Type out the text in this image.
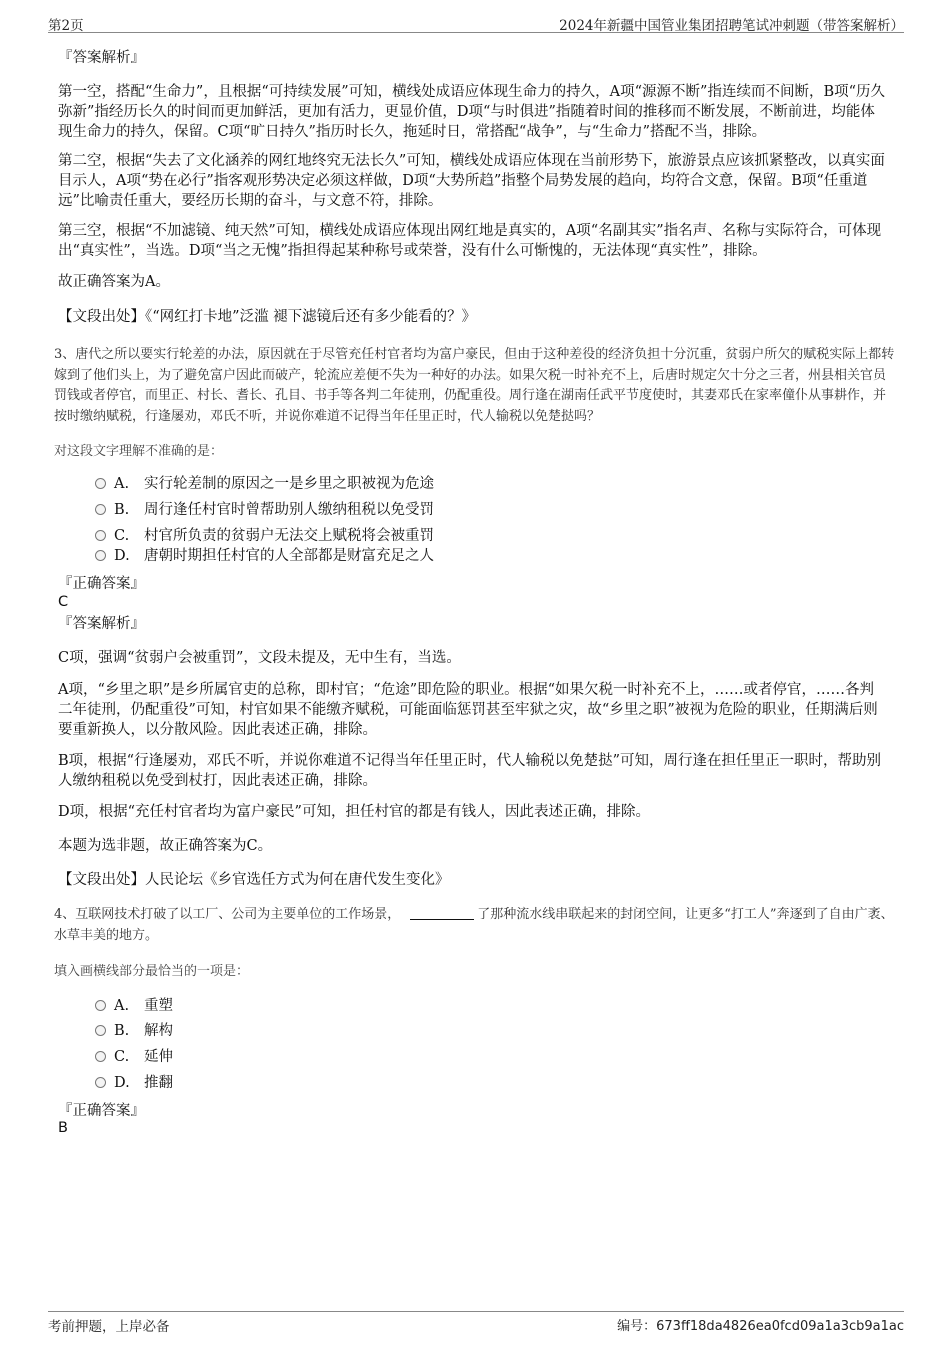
第2页	2024年新疆中国管业集团招聘笔试冲刺题（带答案解析）

『答案解析』

第一空，搭配“生命力”，且根据“可持续发展”可知，横线处成语应体现生命力的持久，A项“源源不断”指连续而不间断，B项“历久弥新”指经历长久的时间而更加鲜活，更加有活力，更显价值，D项“与时俱进”指随着时间的推移而不断发展，不断前进，均能体现生命力的持久，保留。C项“旷日持久”指历时长久，拖延时日，常搭配“战争”，与“生命力”搭配不当，排除。

第二空，根据“失去了文化涵养的网红地终究无法长久”可知，横线处成语应体现在当前形势下，旅游景点应该抓紧整改，以真实面目示人，A项“势在必行”指客观形势决定必须这样做，D项“大势所趋”指整个局势发展的趋向，均符合文意，保留。B项“任重道远”比喻责任重大，要经历长期的奋斗，与文意不符，排除。

第三空，根据“不加滤镜、纯天然”可知，横线处成语应体现出网红地是真实的，A项“名副其实”指名声、名称与实际符合，可体现出“真实性”，当选。D项“当之无愧”指担得起某种称号或荣誉，没有什么可惭愧的，无法体现“真实性”，排除。

故正确答案为A。

【文段出处】《“网红打卡地”泛滥 褪下滤镜后还有多少能看的？》

3、唐代之所以要实行轮差的办法，原因就在于尽管充任村官者均为富户豪民，但由于这种差役的经济负担十分沉重，贫弱户所欠的赋税实际上都转嫁到了他们头上，为了避免富户因此而破产，轮流应差便不失为一种好的办法。如果欠税一时补充不上，后唐时规定欠十分之三者，州县相关官员罚钱或者停官，而里正、村长、耆长、孔目、书手等各判二年徒刑，仍配重役。周行逢在湖南任武平节度使时，其妻邓氏在家率僮仆从事耕作，并按时缴纳赋税，行逢屡劝，邓氏不听，并说你难道不记得当年任里正时，代人输税以免楚挞吗？

对这段文字理解不准确的是：

A. 实行轮差制的原因之一是乡里之职被视为危途
B. 周行逢任村官时曾帮助别人缴纳租税以免受罚
C. 村官所负责的贫弱户无法交上赋税将会被重罚
D. 唐朝时期担任村官的人全部都是财富充足之人

『正确答案』

C

『答案解析』

C项，强调“贫弱户会被重罚”，文段未提及，无中生有，当选。

A项，“乡里之职”是乡所属官吏的总称，即村官；“危途”即危险的职业。根据“如果欠税一时补充不上，……或者停官，……各判二年徒刑，仍配重役”可知，村官如果不能缴齐赋税，可能面临惩罚甚至牢狱之灾，故“乡里之职”被视为危险的职业，任期满后则要重新换人，以分散风险。因此表述正确，排除。

B项，根据“行逢屡劝，邓氏不听，并说你难道不记得当年任里正时，代人输税以免楚挞”可知，周行逢在担任里正一职时，帮助别人缴纳租税以免受到杖打，因此表述正确，排除。

D项，根据“充任村官者均为富户豪民”可知，担任村官的都是有钱人，因此表述正确，排除。

本题为选非题，故正确答案为C。

【文段出处】人民论坛《乡官选任方式为何在唐代发生变化》

4、互联网技术打破了以工厂、公司为主要单位的工作场景，	了那种流水线串联起来的封闭空间，让更多“打工人”奔逐到了自由广袤、水草丰美的地方。

填入画横线部分最恰当的一项是：

A. 重塑
B. 解构
C. 延伸
D. 推翻

『正确答案』

B

考前押题，上岸必备	编号：673ff18da4826ea0fcd09a1a3cb9a1ac
